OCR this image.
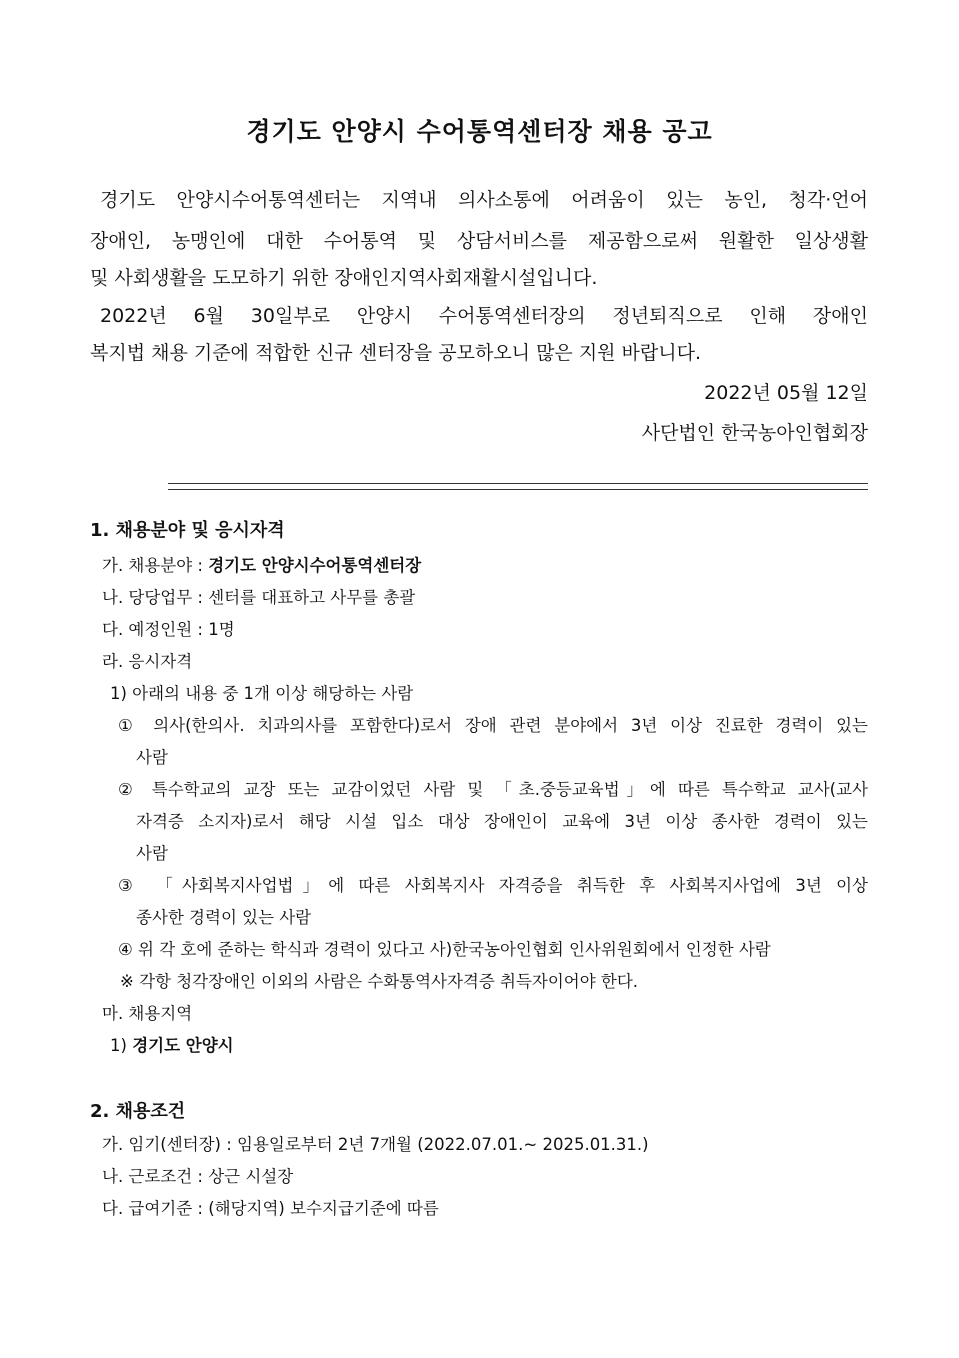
경기도 안양시 수어통역센터장 채용 공고

경기도 안양시수어통역센터는 지역내 의사소통에 어려움이 있는 농인, 청각·언어

장애인, 농맹인에 대한 수어통역 및 상담서비스를 제공함으로써 원활한 일상생활

및 사회생활을 도모하기 위한 장애인지역사회재활시설입니다.

2022년 6월 30일부로 안양시 수어통역센터장의 정년퇴직으로 인해 장애인

복지법 채용 기준에 적합한 신규 센터장을 공모하오니 많은 지원 바랍니다.

2022년 05월 12일
사단법인 한국농아인협회장
1. 채용분야 및 응시자격
가. 채용분야 : 경기도 안양시수어통역센터장
나. 당당업무 : 센터를 대표하고 사무를 총괄
다. 예정인원 : 1명
라. 응시자격
1) 아래의 내용 중 1개 이상 해당하는 사람
① 의사(한의사. 치과의사를 포함한다)로서 장애 관련 분야에서 3년 이상 진료한 경력이 있는
사람
② 특수학교의 교장 또는 교감이었던 사람 및 「초.중등교육법」에 따른 특수학교 교사(교사
자격증 소지자)로서 해당 시설 입소 대상 장애인이 교육에 3년 이상 종사한 경력이 있는
사람
③ 「사회복지사업법」에 따른 사회복지사 자격증을 취득한 후 사회복지사업에 3년 이상
종사한 경력이 있는 사람
④ 위 각 호에 준하는 학식과 경력이 있다고 사)한국농아인협회 인사위원회에서 인정한 사람
※ 각항 청각장애인 이외의 사람은 수화통역사자격증 취득자이어야 한다.
마. 채용지역
1) 경기도 안양시
2. 채용조건
가. 임기(센터장) : 임용일로부터 2년 7개월 (2022.07.01.~ 2025.01.31.)
나. 근로조건 : 상근 시설장
다. 급여기준 : (해당지역) 보수지급기준에 따름
